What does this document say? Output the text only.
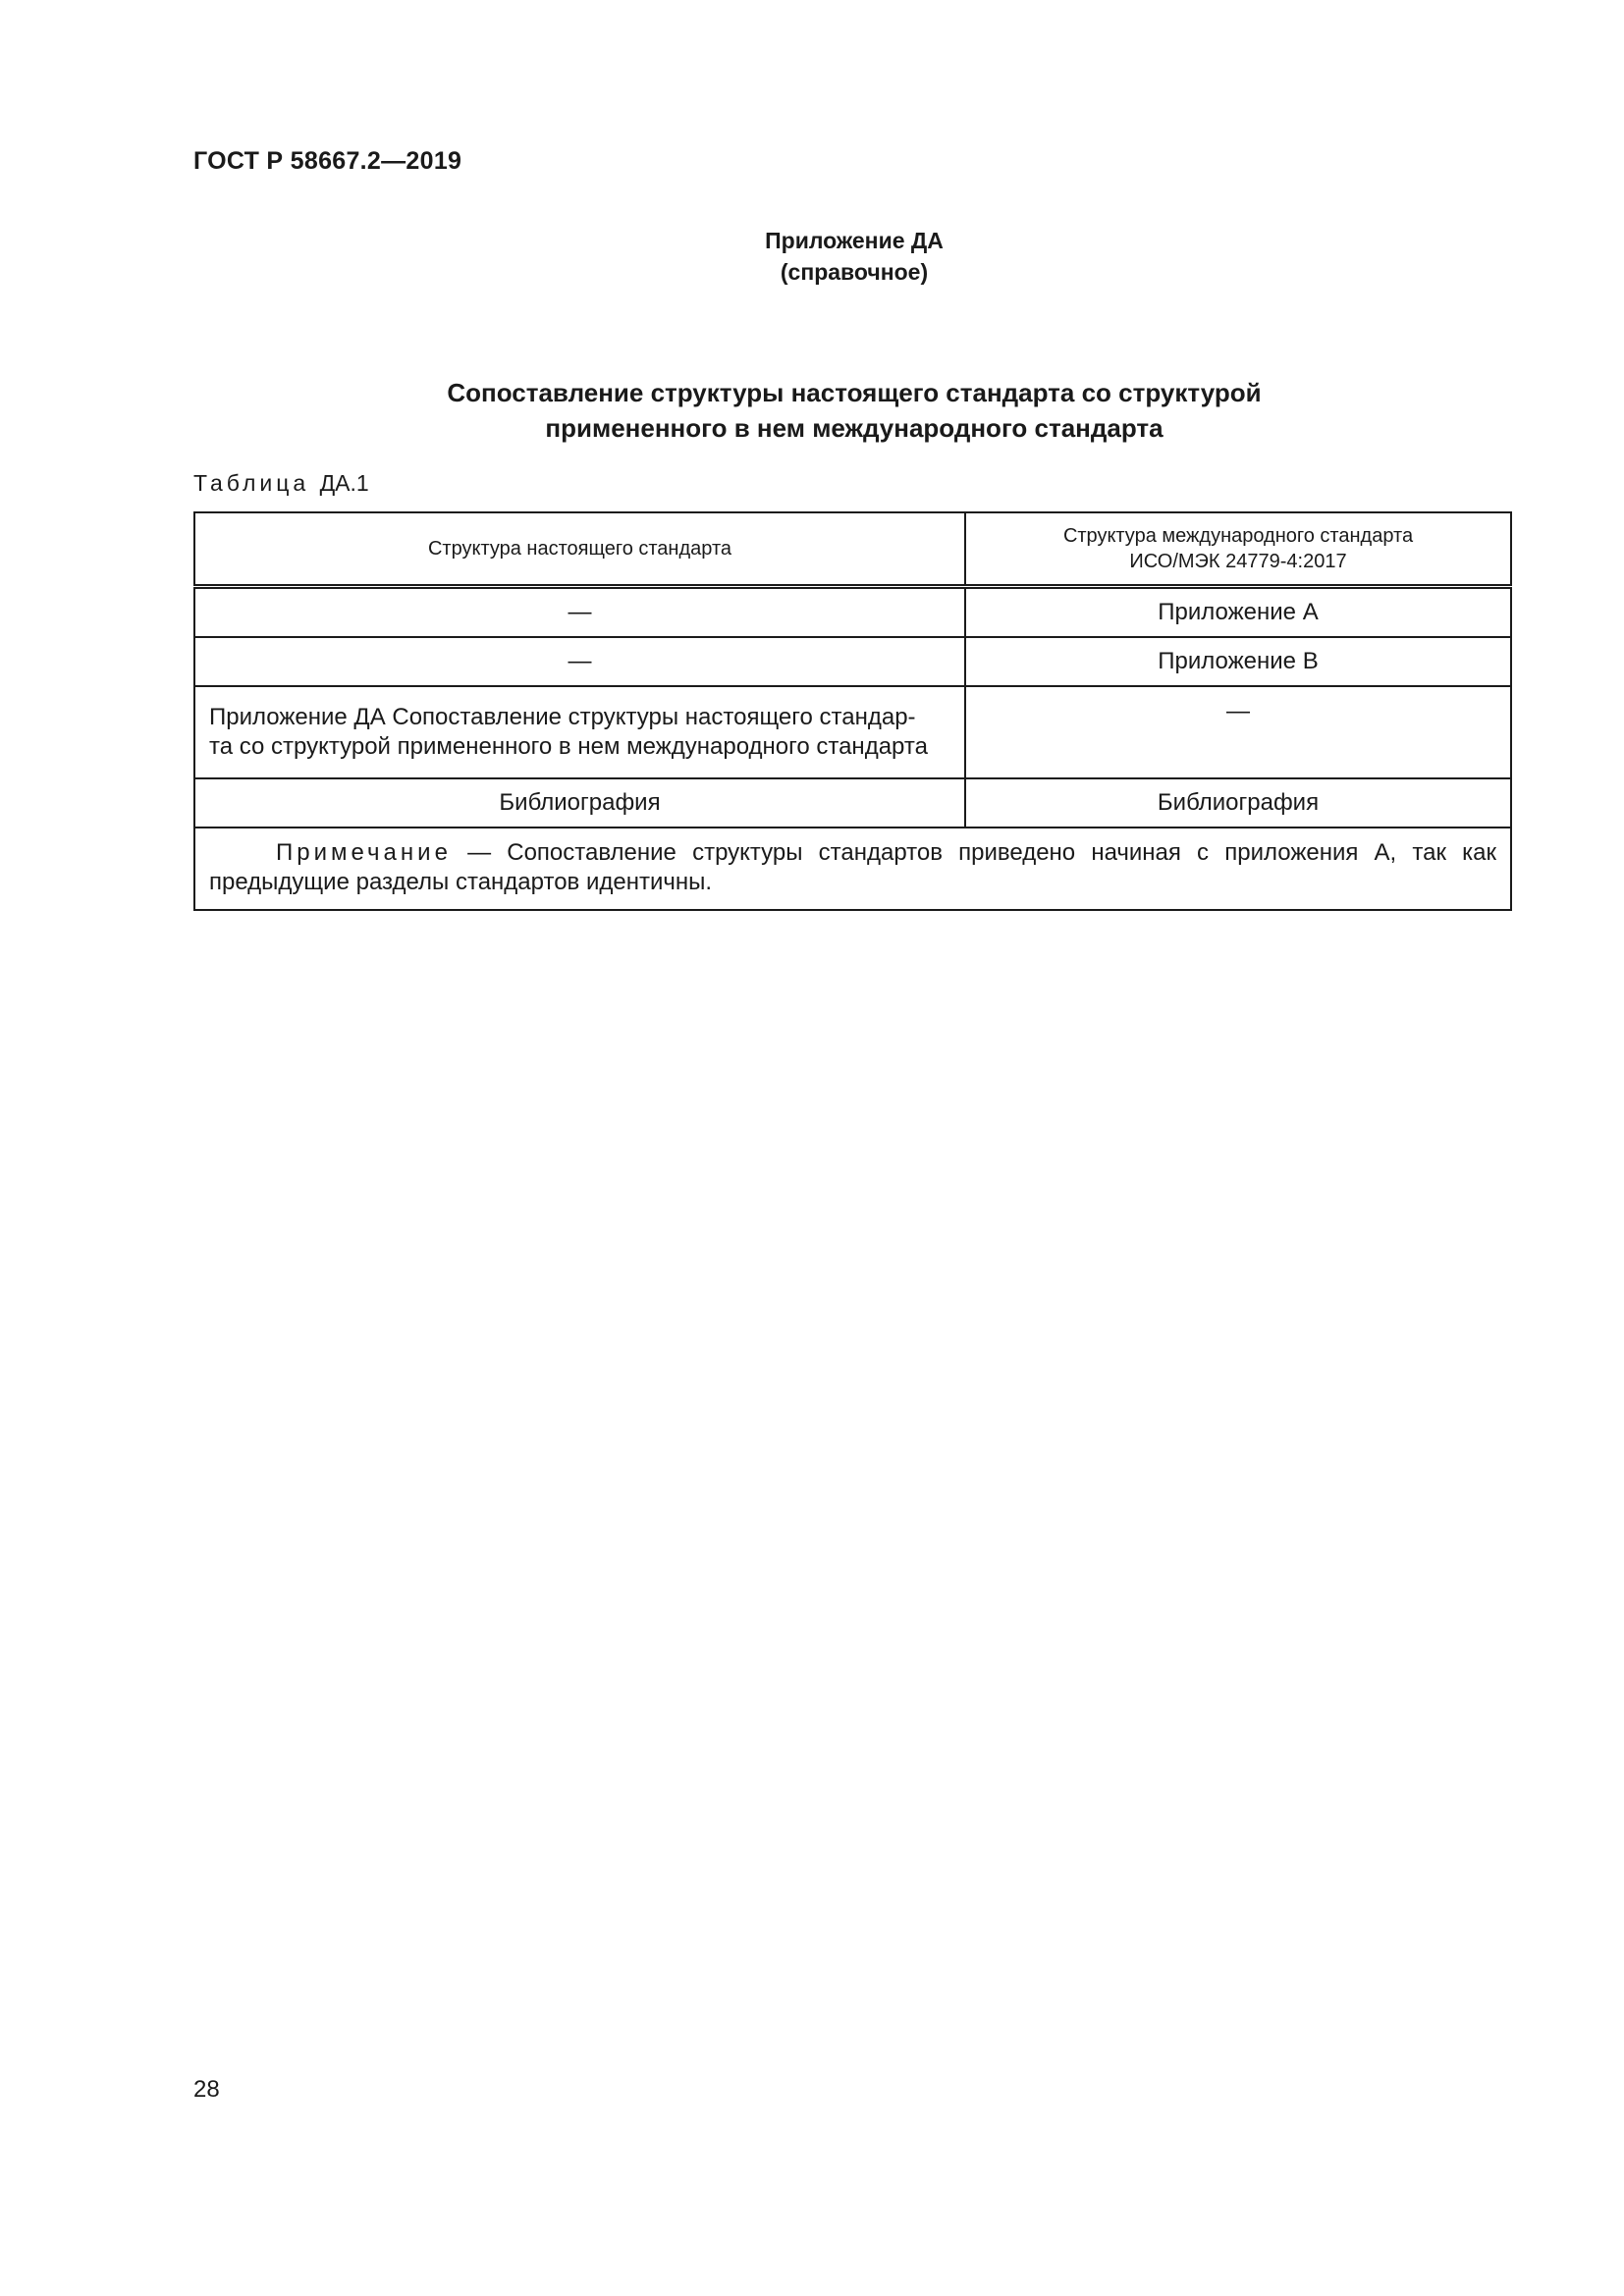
ГОСТ Р 58667.2—2019
Приложение ДА
(справочное)
Сопоставление структуры настоящего стандарта со структурой
примененного в нем международного стандарта
Таблица ДА.1
Структура настоящего стандарта	Структура международного стандарта
ИСО/МЭК 24779-4:2017

—	Приложение А
—	Приложение B

Приложение ДА Сопоставление структуры настоящего стандар-
та со структурой примененного в нем международного стандарта	—
Библиография	Библиография
Примечание — Сопоставление структуры стандартов приведено начиная с приложения А, так как предыдущие разделы стандартов идентичны.	
28
